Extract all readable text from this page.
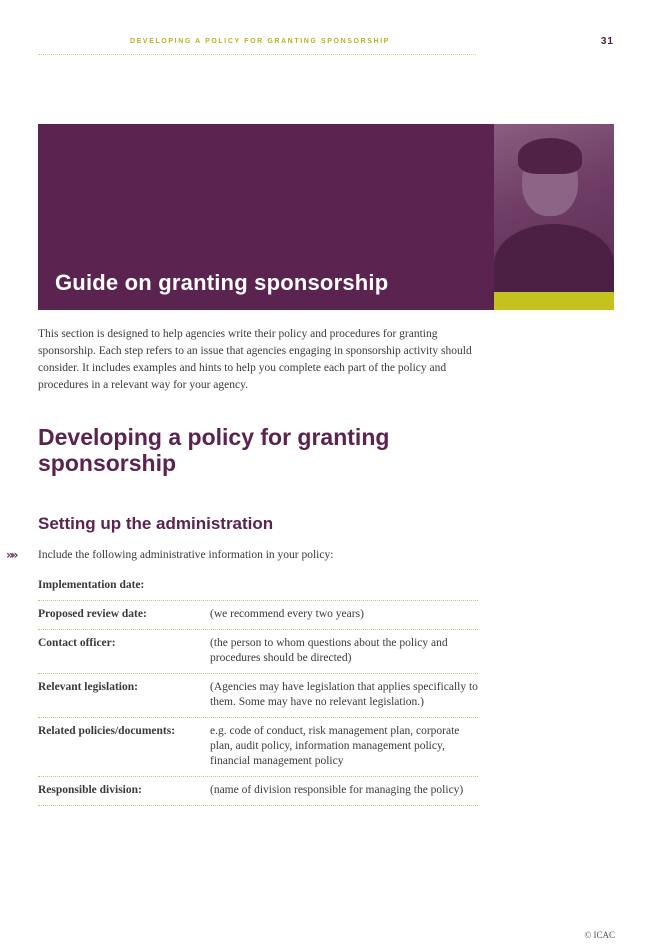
DEVELOPING A POLICY FOR GRANTING SPONSORSHIP	31
Guide on granting sponsorship

This section is designed to help agencies write their policy and procedures for granting sponsorship. Each step refers to an issue that agencies engaging in sponsorship activity should consider. It includes examples and hints to help you complete each part of the policy and procedures in a relevant way for your agency.

Developing a policy for granting sponsorship
Setting up the administration
»» Include the following administrative information in your policy:

Implementation date:
Proposed review date:	(we recommend every two years)
Contact officer:	(the person to whom questions about the policy and procedures should be directed)
Relevant legislation:	(Agencies may have legislation that applies specifically to them. Some may have no relevant legislation.)
Related policies/documents:	e.g. code of conduct, risk management plan, corporate plan, audit policy, information management policy, financial management policy
Responsible division:	(name of division responsible for managing the policy)
© ICAC
